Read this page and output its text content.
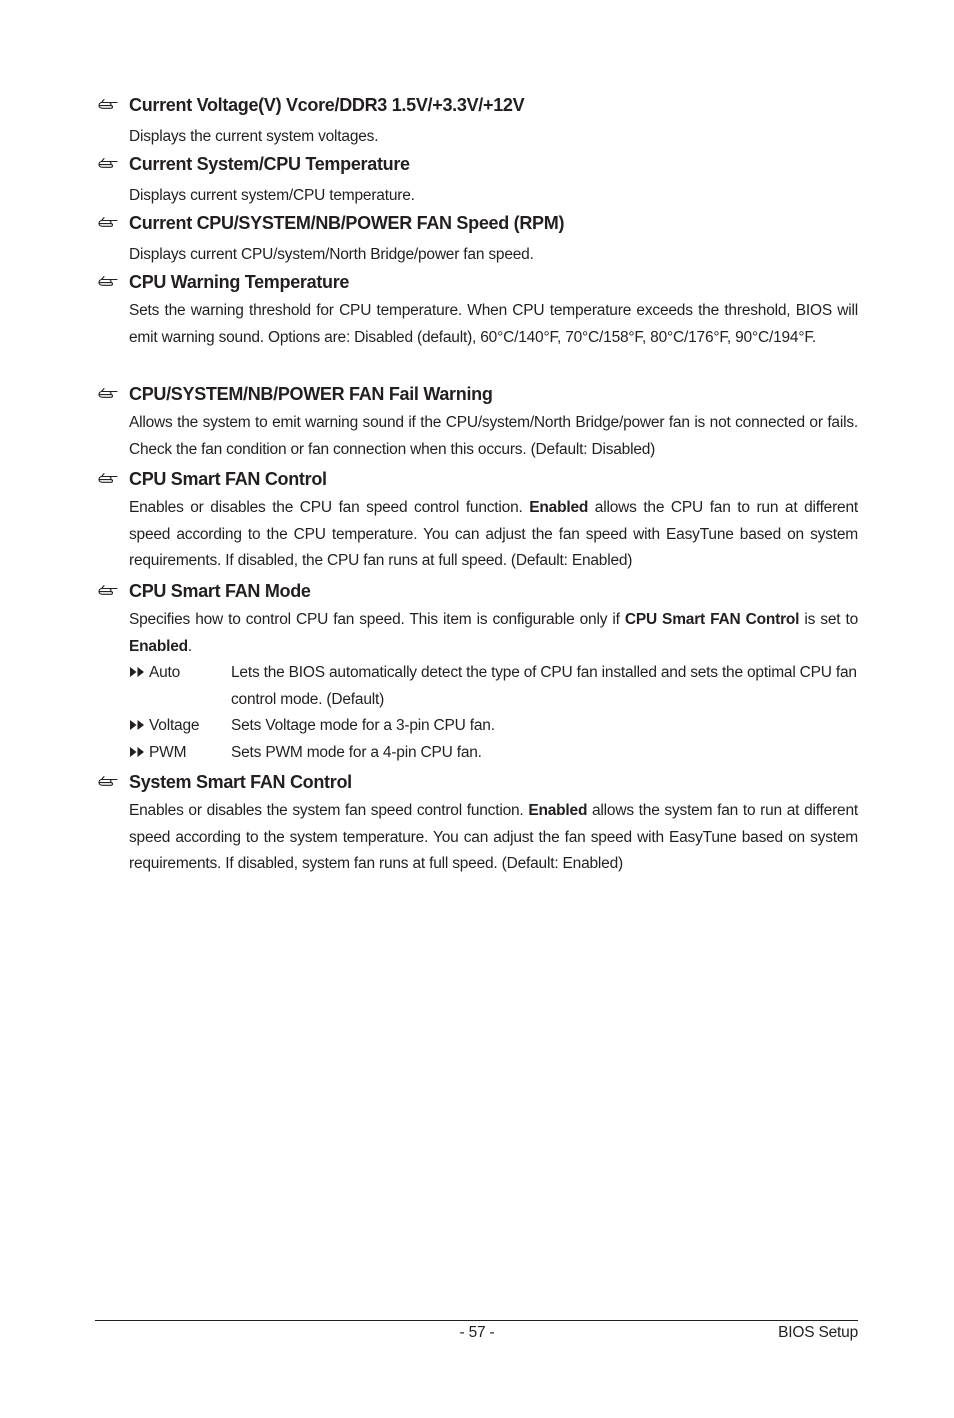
Current Voltage(V) Vcore/DDR3 1.5V/+3.3V/+12V
Displays the current system voltages.
Current System/CPU Temperature
Displays current system/CPU temperature.
Current CPU/SYSTEM/NB/POWER FAN Speed (RPM)
Displays current CPU/system/North Bridge/power fan speed.
CPU Warning Temperature
Sets the warning threshold for CPU temperature. When CPU temperature exceeds the threshold, BIOS will emit warning sound. Options are: Disabled (default), 60°C/140°F, 70°C/158°F, 80°C/176°F, 90°C/194°F.
CPU/SYSTEM/NB/POWER FAN Fail Warning
Allows the system to emit warning sound if the CPU/system/North Bridge/power fan is not connected or fails. Check the fan condition or fan connection when this occurs. (Default: Disabled)
CPU Smart FAN Control
Enables or disables the CPU fan speed control function. Enabled allows the CPU fan to run at different speed according to the CPU temperature. You can adjust the fan speed with EasyTune based on system requirements. If disabled, the CPU fan runs at full speed. (Default: Enabled)
CPU Smart FAN Mode
Specifies how to control CPU fan speed. This item is configurable only if CPU Smart FAN Control is set to Enabled.
Auto	Lets the BIOS automatically detect the type of CPU fan installed and sets the optimal CPU fan control mode. (Default)
Voltage	Sets Voltage mode for a 3-pin CPU fan.
PWM	Sets PWM mode for a 4-pin CPU fan.
System Smart FAN Control
Enables or disables the system fan speed control function. Enabled allows the system fan to run at different speed according to the system temperature. You can adjust the fan speed with EasyTune based on system requirements. If disabled, system fan runs at full speed. (Default: Enabled)
- 57 -	BIOS Setup
